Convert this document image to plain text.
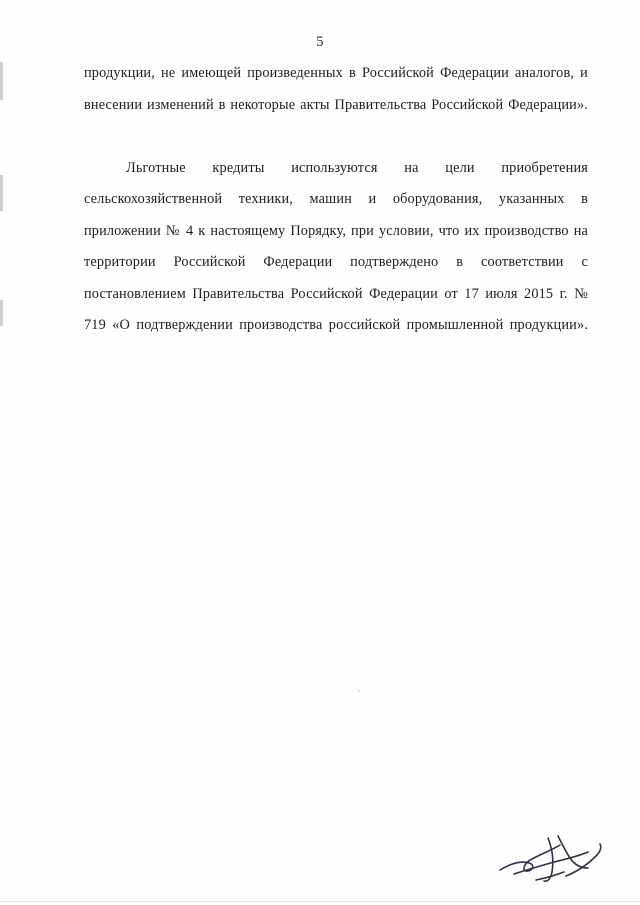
5

продукции, не имеющей произведенных в Российской Федерации аналогов, и внесении изменений в некоторые акты Правительства Российской Федерации».

Льготные кредиты используются на цели приобретения сельскохозяйственной техники, машин и оборудования, указанных в приложении № 4 к настоящему Порядку, при условии, что их производство на территории Российской Федерации подтверждено в соответствии с постановлением Правительства Российской Федерации от 17 июля 2015 г. № 719 «О подтверждении производства российской промышленной продукции».
